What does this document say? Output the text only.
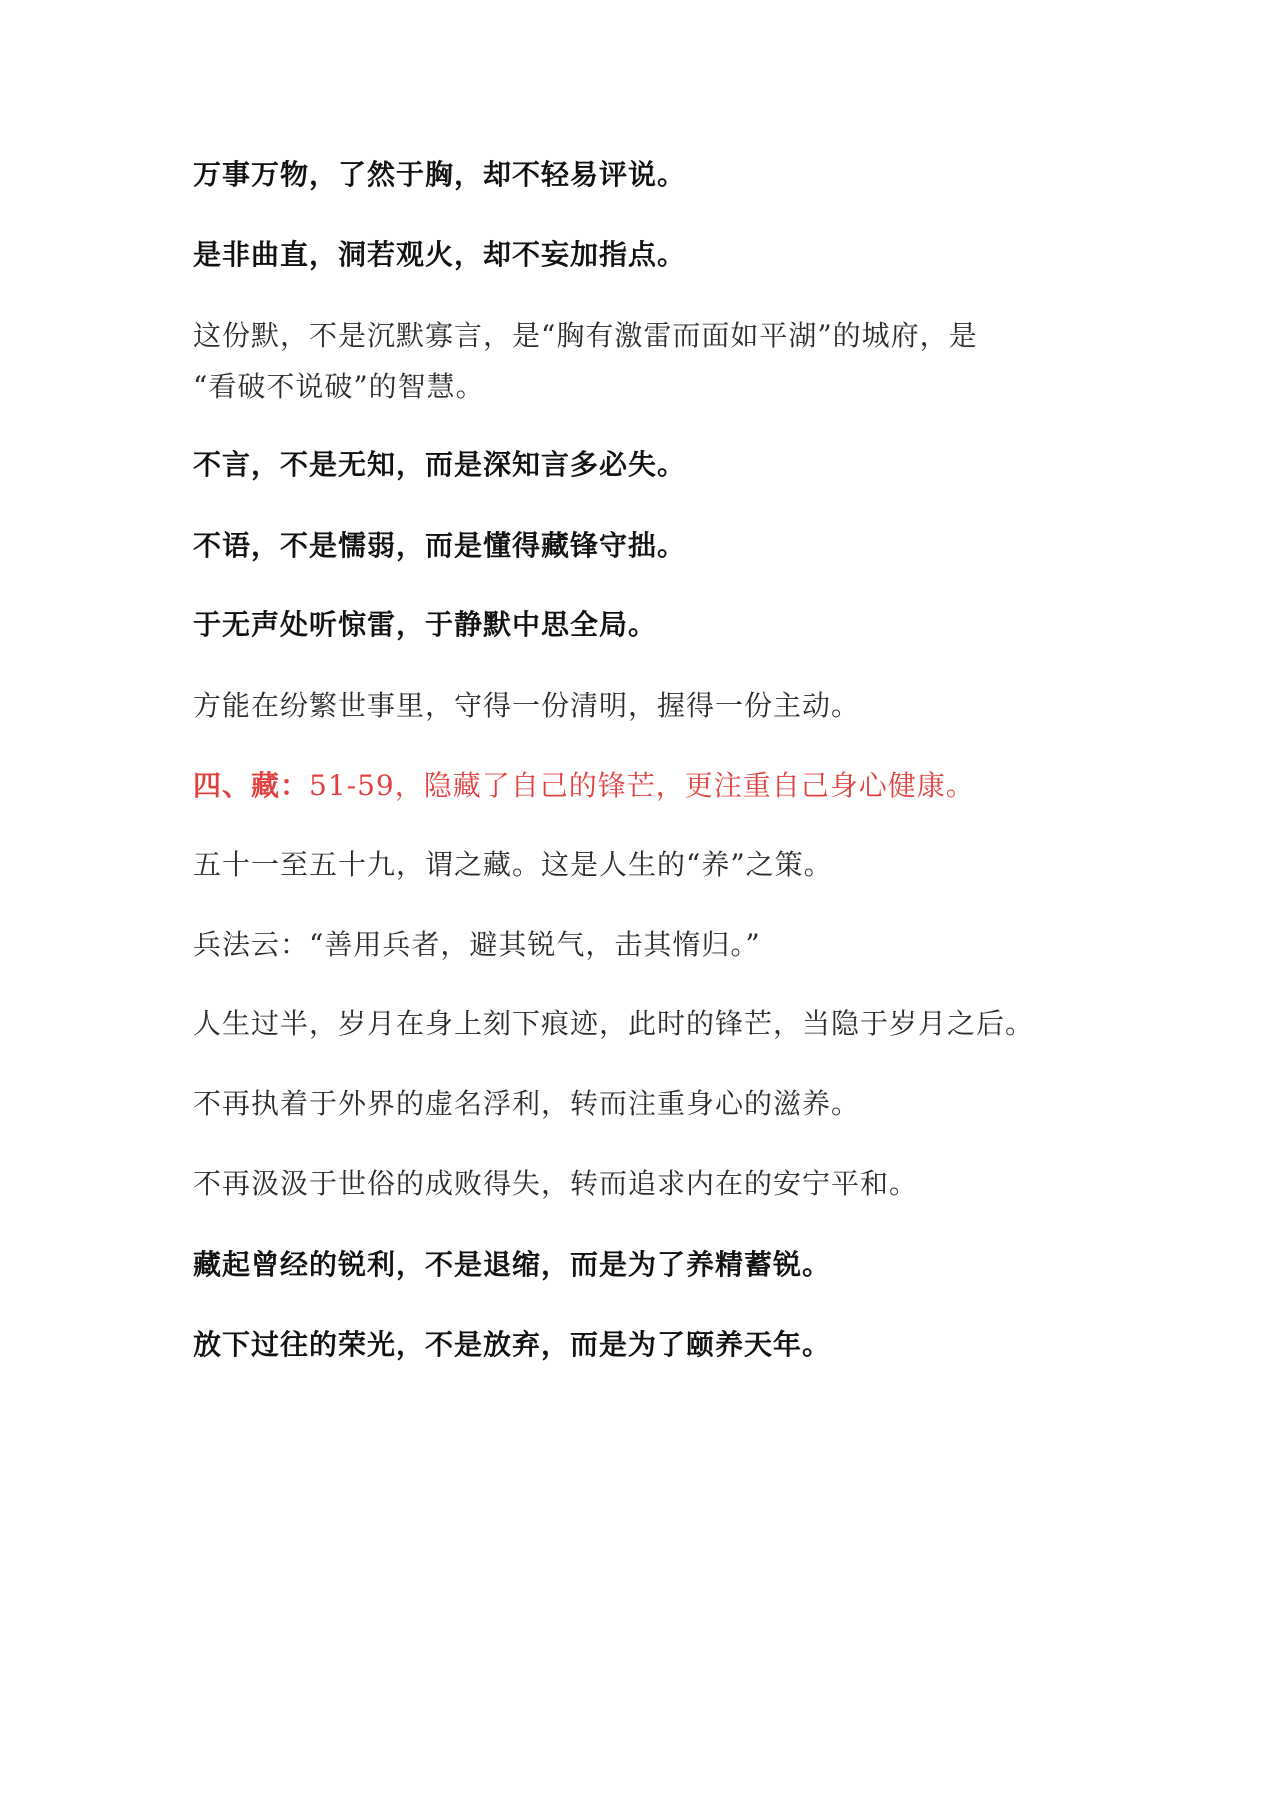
万事万物，了然于胸，却不轻易评说。
是非曲直，洞若观火，却不妄加指点。
这份默，不是沉默寡言，是“胸有激雷而面如平湖”的城府，是
“看破不说破”的智慧。
不言，不是无知，而是深知言多必失。
不语，不是懦弱，而是懂得藏锋守拙。
于无声处听惊雷，于静默中思全局。
方能在纷繁世事里，守得一份清明，握得一份主动。
四、藏：51-59，隐藏了自己的锋芒，更注重自己身心健康。
五十一至五十九，谓之藏。这是人生的“养”之策。
兵法云：“善用兵者，避其锐气，击其惰归。”
人生过半，岁月在身上刻下痕迹，此时的锋芒，当隐于岁月之后。
不再执着于外界的虚名浮利，转而注重身心的滋养。
不再汲汲于世俗的成败得失，转而追求内在的安宁平和。
藏起曾经的锐利，不是退缩，而是为了养精蓄锐。
放下过往的荣光，不是放弃，而是为了颐养天年。
